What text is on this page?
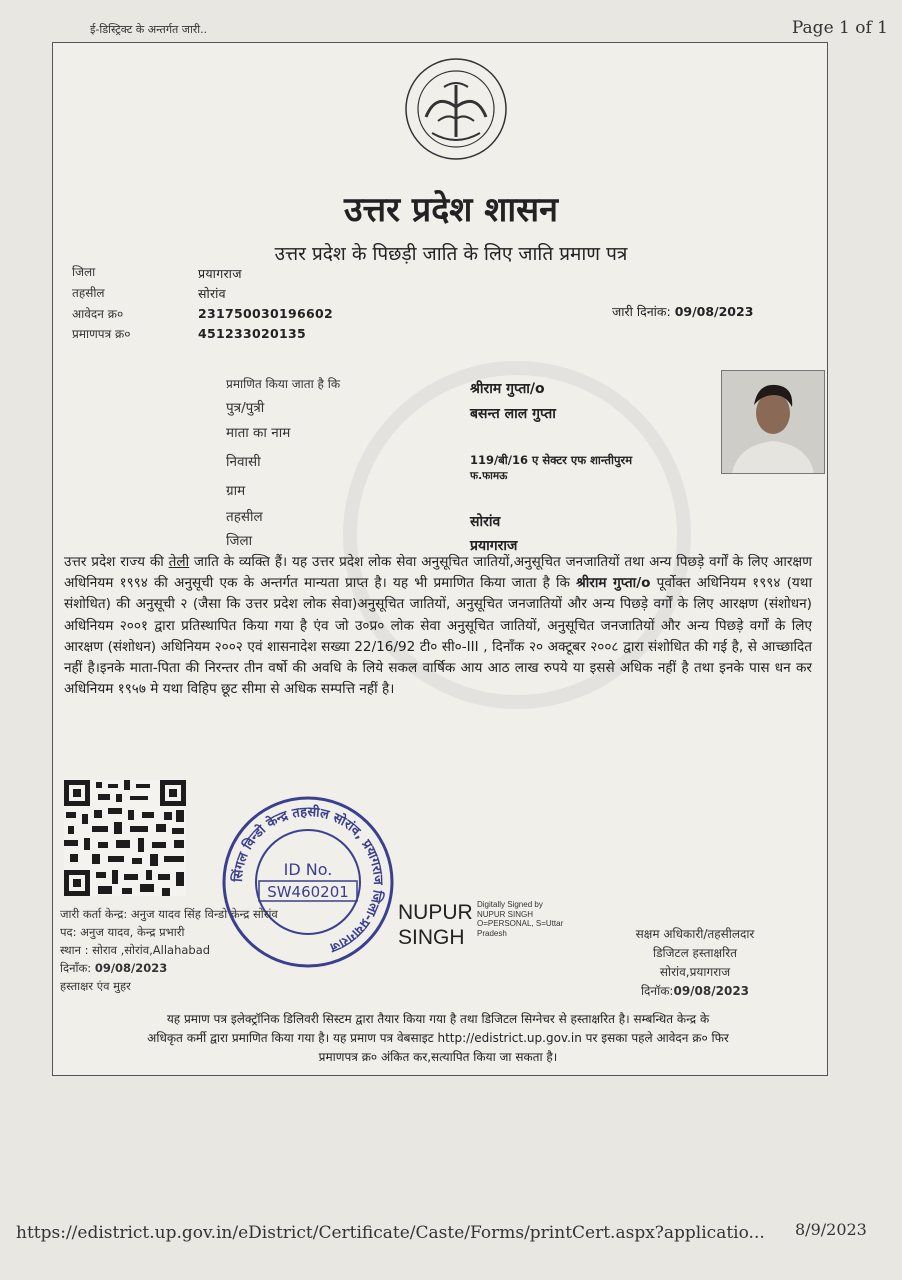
ई-डिस्ट्रिक्ट के अन्तर्गत जारी..	Page 1 of 1
उत्तर प्रदेश शासन
उत्तर प्रदेश के पिछड़ी जाति के लिए जाति प्रमाण पत्र
जिला	प्रयागराज
तहसील	सोरांव
आवेदन क्र०	231750030196602
प्रमाणपत्र क्र०	451233020135
जारी दिनांक: 09/08/2023
प्रमाणित किया जाता है कि	श्रीराम गुप्ता/o
पुत्र/पुत्री	बसन्त लाल गुप्ता
माता का नाम
निवासी	119/बी/16 ए सेक्टर एफ शान्तीपुरम
फ.फामऊ
ग्राम
तहसील	सोरांव
जिला	प्रयागराज
उत्तर प्रदेश राज्य की तेली जाति के व्यक्ति हैं। यह उत्तर प्रदेश लोक सेवा अनुसूचित जातियों,अनुसूचित जनजातियों तथा अन्य पिछड़े वर्गों के लिए आरक्षण अधिनियम १९९४ की अनुसूची एक के अन्तर्गत मान्यता प्राप्त है। यह भी प्रमाणित किया जाता है कि श्रीराम गुप्ता/o पूर्वोक्त अधिनियम १९९४ (यथा संशोधित) की अनुसूची २ (जैसा कि उत्तर प्रदेश लोक सेवा)अनुसूचित जातियों, अनुसूचित जनजातियों और अन्य पिछड़े वर्गों के लिए आरक्षण (संशोधन) अधिनियम २००१ द्वारा प्रतिस्थापित किया गया है एंव जो उ०प्र० लोक सेवा अनुसूचित जातियों, अनुसूचित जनजातियों और अन्य पिछड़े वर्गों के लिए आरक्षण (संशोधन) अधिनियम २००२ एवं शासनादेश सख्या 22/16/92 टी० सी०-III , दिनाँक २० अक्टूबर २००८ द्वारा संशोधित की गई है, से आच्छादित नहीं है।इनके माता-पिता की निरन्तर तीन वर्षो की अवधि के लिये सकल वार्षिक आय आठ लाख रुपये या इससे अधिक नहीं है तथा इनके पास धन कर अधिनियम १९५७ मे यथा विहिप छूट सीमा से अधिक सम्पत्ति नहीं है।
सिंगल विन्डो केन्द्र तहसील सोरांव, प्रयागराज जिला-प्रयागराज
ID No.
SW460201
जारी कर्ता केन्द्र: अनुज यादव सिंह विन्डो केन्द्र सोरांव
पद: अनुज यादव, केन्द्र प्रभारी
स्थान : सोराव ,सोरांव,Allahabad
दिनाँक: 09/08/2023
हस्ताक्षर एंव मुहर
NUPUR
SINGH
Digitally Signed by
NUPUR SINGH
O=PERSONAL, S=Uttar
Pradesh	सक्षम अधिकारी/तहसीलदार
डिजिटल हस्ताक्षरित
सोरांव,प्रयागराज
दिनॉक:09/08/2023
यह प्रमाण पत्र इलेक्ट्रॉनिक डिलिवरी सिस्टम द्वारा तैयार किया गया है तथा डिजिटल सिग्नेचर से हस्ताक्षरित है। सम्बन्धित केन्द्र के
अधिकृत कर्मी द्वारा प्रमाणित किया गया है। यह प्रमाण पत्र वेबसाइट http://edistrict.up.gov.in पर इसका पहले आवेदन क्र० फिर
प्रमाणपत्र क्र० अंकित कर,सत्यापित किया जा सकता है।
https://edistrict.up.gov.in/eDistrict/Certificate/Caste/Forms/printCert.aspx?applicatio... 8/9/2023
